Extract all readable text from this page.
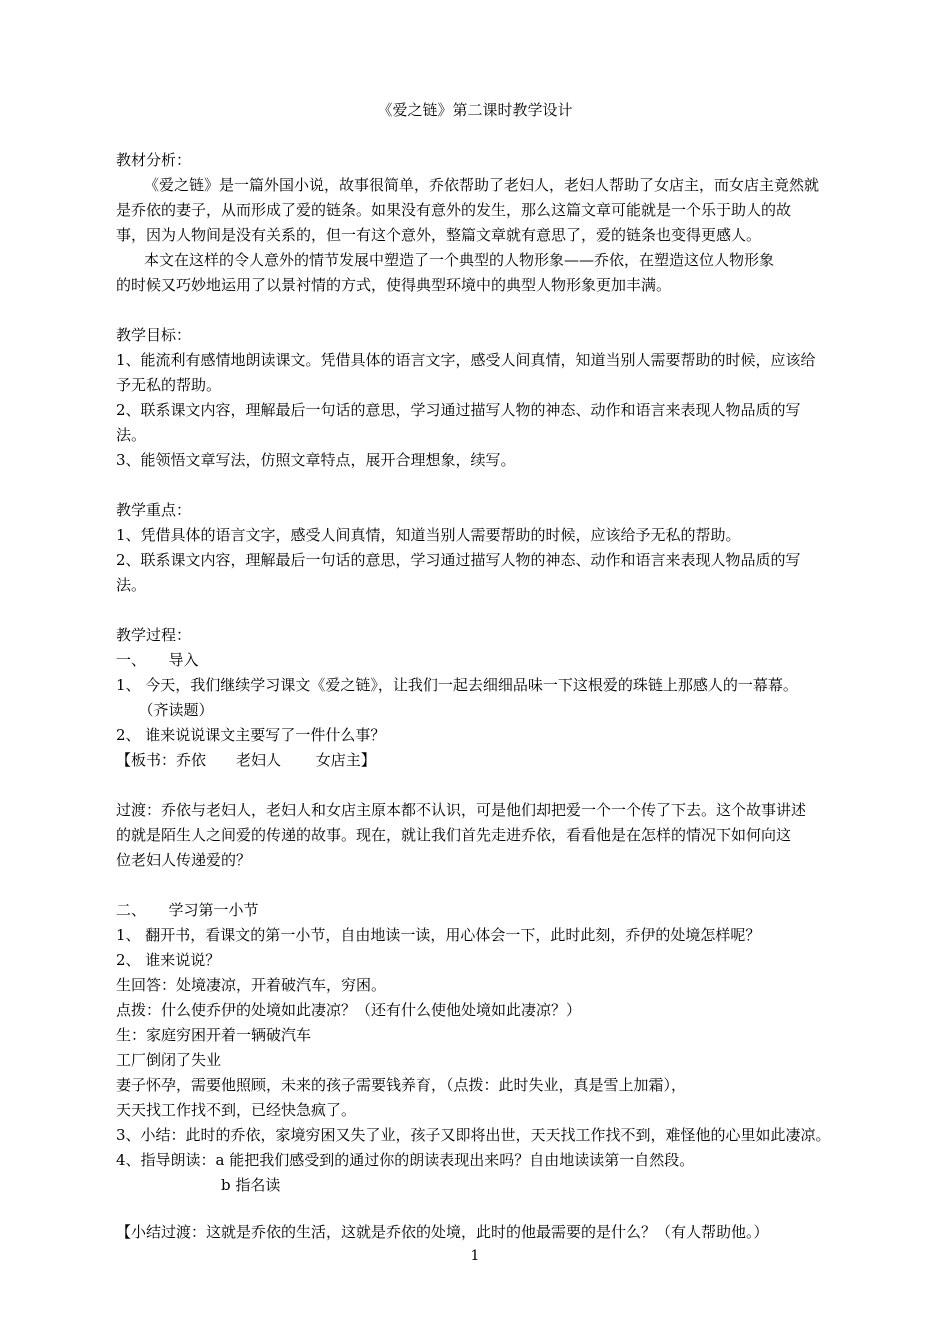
《爱之链》第二课时教学设计
教材分析：
《爱之链》是一篇外国小说，故事很简单，乔依帮助了老妇人，老妇人帮助了女店主，而女店主竟然就
是乔依的妻子，从而形成了爱的链条。如果没有意外的发生，那么这篇文章可能就是一个乐于助人的故
事，因为人物间是没有关系的，但一有这个意外，整篇文章就有意思了，爱的链条也变得更感人。
本文在这样的令人意外的情节发展中塑造了一个典型的人物形象——乔依，在塑造这位人物形象
的时候又巧妙地运用了以景衬情的方式，使得典型环境中的典型人物形象更加丰满。
教学目标：
1、能流利有感情地朗读课文。凭借具体的语言文字，感受人间真情，知道当别人需要帮助的时候，应该给
予无私的帮助。
2、联系课文内容，理解最后一句话的意思，学习通过描写人物的神态、动作和语言来表现人物品质的写
法。
3、能领悟文章写法，仿照文章特点，展开合理想象，续写。
教学重点：
1、凭借具体的语言文字，感受人间真情，知道当别人需要帮助的时候，应该给予无私的帮助。
2、联系课文内容，理解最后一句话的意思，学习通过描写人物的神态、动作和语言来表现人物品质的写
法。
教学过程：
一、　　导入
1、 今天，我们继续学习课文《爱之链》，让我们一起去细细品味一下这根爱的珠链上那感人的一幕幕。
　　（齐读题）
2、 谁来说说课文主要写了一件什么事？
【板书：乔依　　老妇人　　 女店主】
过渡：乔依与老妇人，老妇人和女店主原本都不认识，可是他们却把爱一个一个传了下去。这个故事讲述
的就是陌生人之间爱的传递的故事。现在，就让我们首先走进乔依，看看他是在怎样的情况下如何向这
位老妇人传递爱的？
二、　　学习第一小节
1、 翻开书，看课文的第一小节，自由地读一读，用心体会一下，此时此刻，乔伊的处境怎样呢？
2、 谁来说说？
生回答：处境凄凉，开着破汽车，穷困。
点拨：什么使乔伊的处境如此凄凉？（还有什么使他处境如此凄凉？）
生：家庭穷困开着一辆破汽车
工厂倒闭了失业
妻子怀孕，需要他照顾，未来的孩子需要钱养育，（点拨：此时失业，真是雪上加霜），
天天找工作找不到，已经快急疯了。
3、小结：此时的乔依，家境穷困又失了业，孩子又即将出世，天天找工作找不到，难怪他的心里如此凄凉。
4、指导朗读：a 能把我们感受到的通过你的朗读表现出来吗？自由地读读第一自然段。
　　　　　　　b 指名读
【小结过渡：这就是乔依的生活，这就是乔依的处境，此时的他最需要的是什么？（有人帮助他。）
1
